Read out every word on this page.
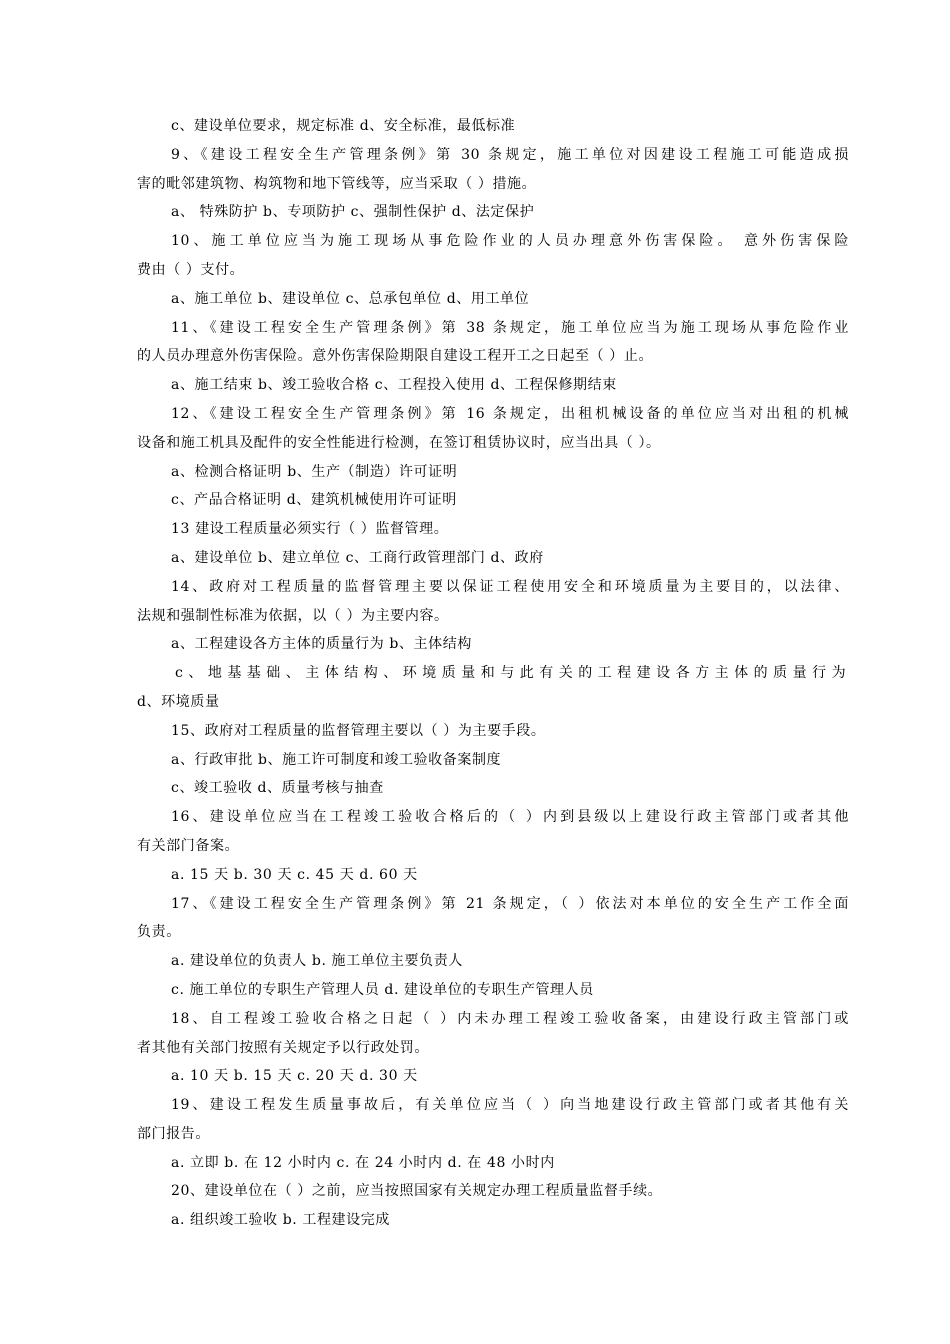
c、建设单位要求，规定标准 d、安全标准，最低标准
9、《建设工程安全生产管理条例》第 30 条规定，施工单位对因建设工程施工可能造成损
害的毗邻建筑物、构筑物和地下管线等，应当采取（ ）措施。
a、 特殊防护 b、专项防护 c、强制性保护 d、法定保护
10、施工单位应当为施工现场从事危险作业的人员办理意外伤害保险。 意外伤害保险
费由（ ）支付。
a、施工单位 b、建设单位 c、总承包单位 d、用工单位
11、《建设工程安全生产管理条例》第 38 条规定，施工单位应当为施工现场从事危险作业
的人员办理意外伤害保险。意外伤害保险期限自建设工程开工之日起至（ ）止。
a、施工结束 b、竣工验收合格 c、工程投入使用 d、工程保修期结束
12、《建设工程安全生产管理条例》第 16 条规定，出租机械设备的单位应当对出租的机械
设备和施工机具及配件的安全性能进行检测，在签订租赁协议时，应当出具（ ）。
a、检测合格证明 b、生产（制造）许可证明
c、产品合格证明 d、建筑机械使用许可证明
13 建设工程质量必须实行（ ）监督管理。
a、建设单位 b、建立单位 c、工商行政管理部门 d、政府
14、政府对工程质量的监督管理主要以保证工程使用安全和环境质量为主要目的，以法律、
法规和强制性标准为依据，以（ ）为主要内容。
a、工程建设各方主体的质量行为 b、主体结构
c、地基基础、主体结构、环境质量和与此有关的工程建设各方主体的质量行为
d、环境质量
15、政府对工程质量的监督管理主要以（ ）为主要手段。
a、行政审批 b、施工许可制度和竣工验收备案制度
c、竣工验收 d、质量考核与抽查
16、建设单位应当在工程竣工验收合格后的（ ）内到县级以上建设行政主管部门或者其他
有关部门备案。
a. 15 天 b. 30 天 c. 45 天 d. 60 天
17、《建设工程安全生产管理条例》第 21 条规定，（ ）依法对本单位的安全生产工作全面
负责。
a. 建设单位的负责人 b. 施工单位主要负责人
c. 施工单位的专职生产管理人员 d. 建设单位的专职生产管理人员
18、自工程竣工验收合格之日起（ ）内未办理工程竣工验收备案，由建设行政主管部门或
者其他有关部门按照有关规定予以行政处罚。
a. 10 天 b. 15 天 c. 20 天 d. 30 天
19、建设工程发生质量事故后，有关单位应当（ ）向当地建设行政主管部门或者其他有关
部门报告。
a. 立即 b. 在 12 小时内 c. 在 24 小时内 d. 在 48 小时内
20、建设单位在（ ）之前，应当按照国家有关规定办理工程质量监督手续。
a. 组织竣工验收 b. 工程建设完成
